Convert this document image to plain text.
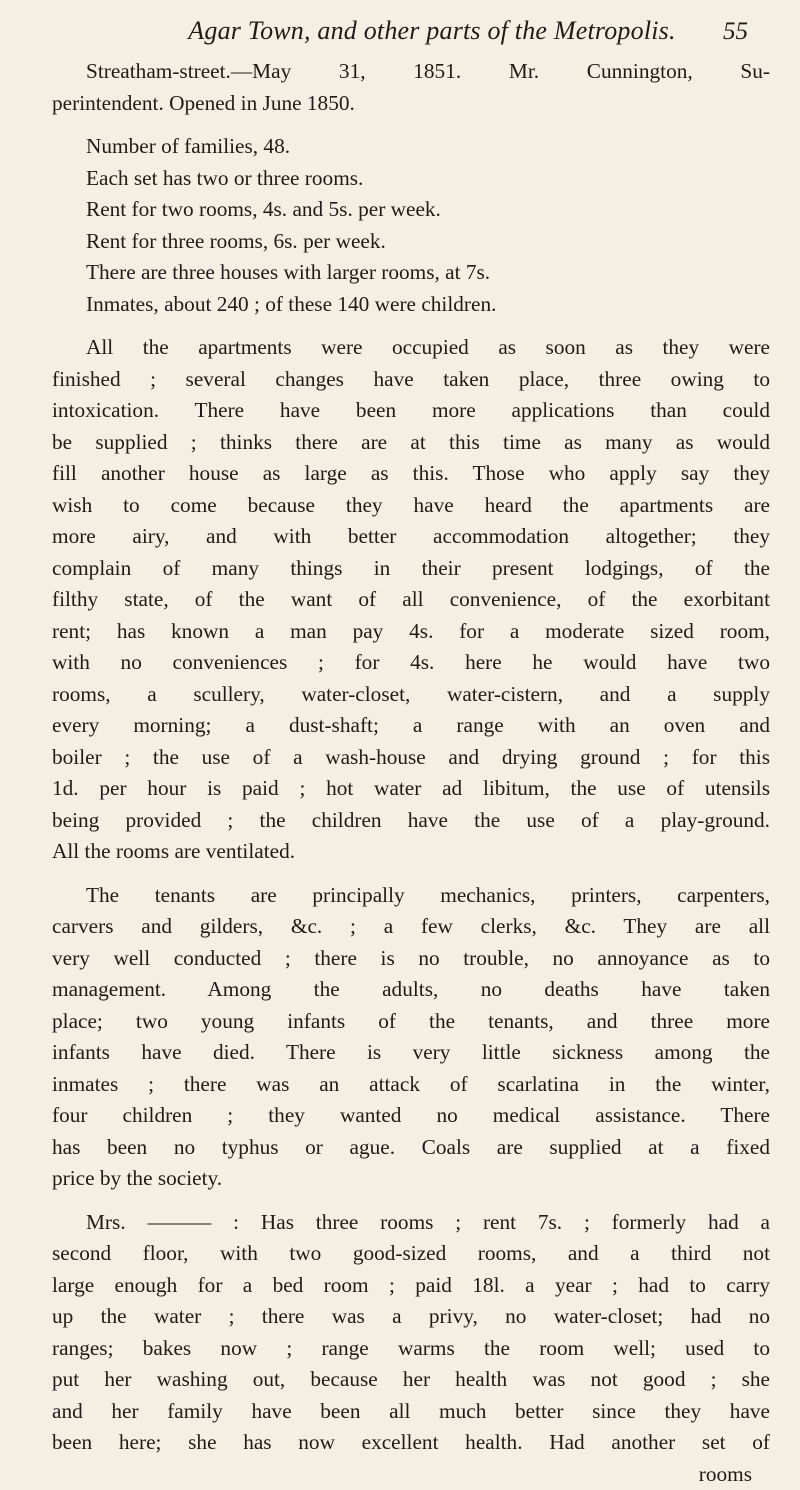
Agar Town, and other parts of the Metropolis.	55
Streatham-street.—May 31, 1851. Mr. Cunnington, Su-
perintendent. Opened in June 1850.
Number of families, 48.
Each set has two or three rooms.
Rent for two rooms, 4s. and 5s. per week.
Rent for three rooms, 6s. per week.
There are three houses with larger rooms, at 7s.
Inmates, about 240 ; of these 140 were children.
All the apartments were occupied as soon as they were
finished ; several changes have taken place, three owing to
intoxication. There have been more applications than could
be supplied ; thinks there are at this time as many as would
fill another house as large as this. Those who apply say they
wish to come because they have heard the apartments are
more airy, and with better accommodation altogether; they
complain of many things in their present lodgings, of the
filthy state, of the want of all convenience, of the exorbitant
rent; has known a man pay 4s. for a moderate sized room,
with no conveniences ; for 4s. here he would have two
rooms, a scullery, water-closet, water-cistern, and a supply
every morning; a dust-shaft; a range with an oven and
boiler ; the use of a wash-house and drying ground ; for this
1d. per hour is paid ; hot water ad libitum, the use of utensils
being provided ; the children have the use of a play-ground.
All the rooms are ventilated.
The tenants are principally mechanics, printers, carpenters,
carvers and gilders, &c. ; a few clerks, &c. They are all
very well conducted ; there is no trouble, no annoyance as to
management. Among the adults, no deaths have taken
place; two young infants of the tenants, and three more
infants have died. There is very little sickness among the
inmates ; there was an attack of scarlatina in the winter,
four children ; they wanted no medical assistance. There
has been no typhus or ague. Coals are supplied at a fixed
price by the society.
Mrs. ——— : Has three rooms ; rent 7s. ; formerly had a
second floor, with two good-sized rooms, and a third not
large enough for a bed room ; paid 18l. a year ; had to carry
up the water ; there was a privy, no water-closet; had no
ranges; bakes now ; range warms the room well; used to
put her washing out, because her health was not good ; she
and her family have been all much better since they have
been here; she has now excellent health. Had another set of
rooms
